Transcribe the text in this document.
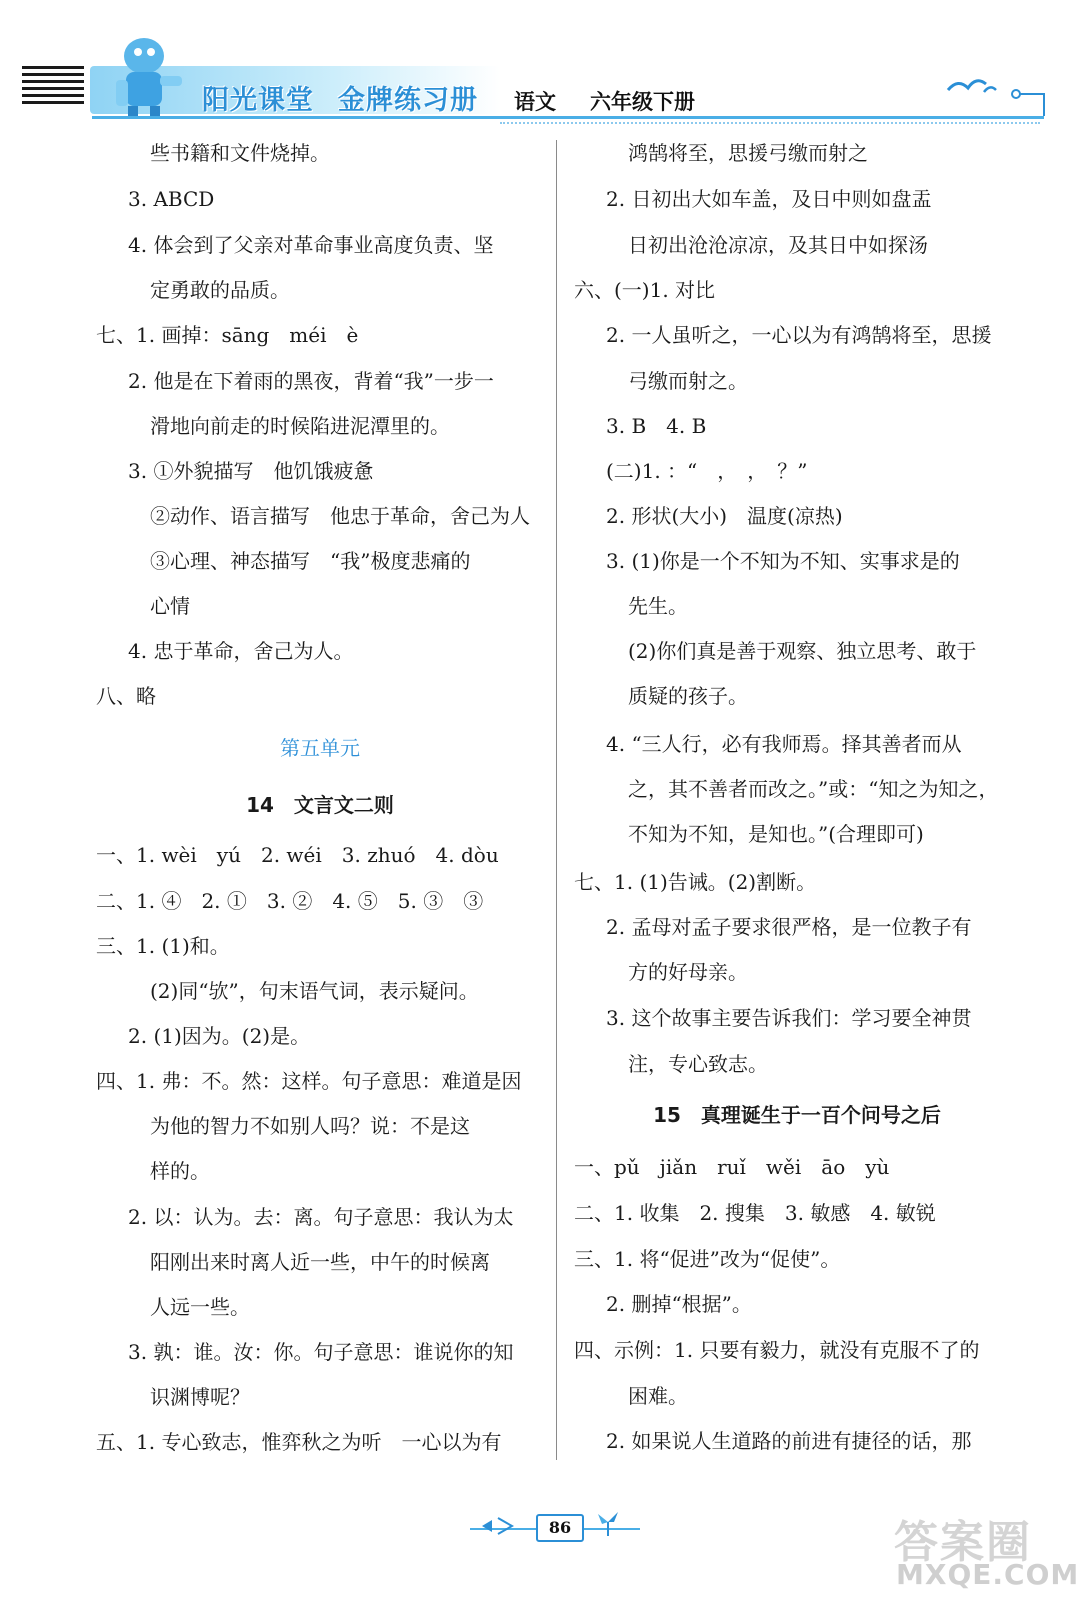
阳光课堂 金牌练习册	语文 六年级下册
些书籍和文件烧掉。
3. ABCD
4. 体会到了父亲对革命事业高度负责、坚
定勇敢的品质。
七、1. 画掉：sāng　méi　è
2. 他是在下着雨的黑夜，背着“我”一步一
滑地向前走的时候陷进泥潭里的。
3. ①外貌描写　他饥饿疲惫
②动作、语言描写　他忠于革命，舍己为人
③心理、神态描写　“我”极度悲痛的
心情
4. 忠于革命，舍己为人。
八、略
第五单元
14　文言文二则
一、1. wèi　yú　2. wéi　3. zhuó　4. dòu
二、1. ④　2. ①　3. ②　4. ⑤　5. ③　③
三、1. (1)和。
(2)同“欤”，句末语气词，表示疑问。
2. (1)因为。(2)是。
四、1. 弗：不。然：这样。句子意思：难道是因
为他的智力不如别人吗？说：不是这
样的。
2. 以：认为。去：离。句子意思：我认为太
阳刚出来时离人近一些，中午的时候离
人远一些。
3. 孰：谁。汝：你。句子意思：谁说你的知
识渊博呢？
五、1. 专心致志，惟弈秋之为听　一心以为有
鸿鹄将至，思援弓缴而射之
2. 日初出大如车盖，及日中则如盘盂
日初出沧沧凉凉，及其日中如探汤
六、(一)1. 对比
2. 一人虽听之，一心以为有鸿鹄将至，思援
弓缴而射之。
3. B　4. B
(二)1. ：“　，　，　？”
2. 形状(大小)　温度(凉热)
3. (1)你是一个不知为不知、实事求是的
先生。
(2)你们真是善于观察、独立思考、敢于
质疑的孩子。
4. “三人行，必有我师焉。择其善者而从
之，其不善者而改之。”或：“知之为知之，
不知为不知，是知也。”(合理即可)
七、1. (1)告诫。(2)割断。
2. 孟母对孟子要求很严格，是一位教子有
方的好母亲。
3. 这个故事主要告诉我们：学习要全神贯
注，专心致志。
15　真理诞生于一百个问号之后
一、pǔ　jiǎn　ruǐ　wěi　āo　yù
二、1. 收集　2. 搜集　3. 敏感　4. 敏锐
三、1. 将“促进”改为“促使”。
2. 删掉“根据”。
四、示例：1. 只要有毅力，就没有克服不了的
困难。
2. 如果说人生道路的前进有捷径的话，那
86	答案圈
MXQE.COM
